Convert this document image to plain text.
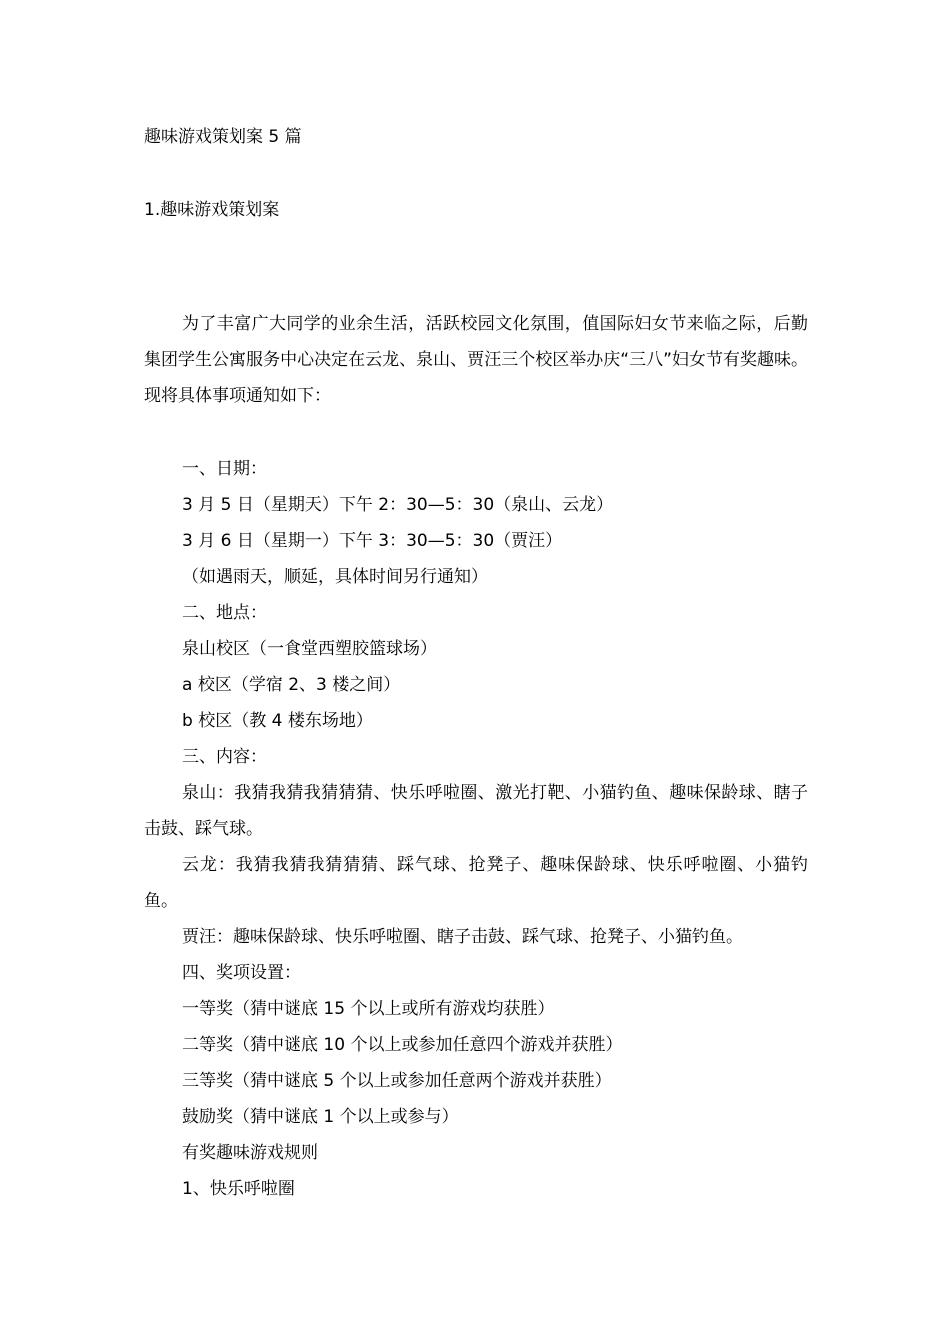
趣味游戏策划案 5 篇
1.趣味游戏策划案

为了丰富广大同学的业余生活，活跃校园文化氛围，值国际妇女节来临之际，后勤集团学生公寓服务中心决定在云龙、泉山、贾汪三个校区举办庆“三八”妇女节有奖趣味。现将具体事项通知如下：

一、日期：

3 月 5 日（星期天）下午 2：30—5：30（泉山、云龙）

3 月 6 日（星期一）下午 3：30—5：30（贾汪）

（如遇雨天，顺延，具体时间另行通知）

二、地点：

泉山校区（一食堂西塑胶篮球场）

a 校区（学宿 2、3 楼之间）

b 校区（教 4 楼东场地）

三、内容：

泉山：我猜我猜我猜猜猜、快乐呼啦圈、激光打靶、小猫钓鱼、趣味保龄球、瞎子击鼓、踩气球。

云龙：我猜我猜我猜猜猜、踩气球、抢凳子、趣味保龄球、快乐呼啦圈、小猫钓鱼。

贾汪：趣味保龄球、快乐呼啦圈、瞎子击鼓、踩气球、抢凳子、小猫钓鱼。

四、奖项设置：

一等奖（猜中谜底 15 个以上或所有游戏均获胜）

二等奖（猜中谜底 10 个以上或参加任意四个游戏并获胜）

三等奖（猜中谜底 5 个以上或参加任意两个游戏并获胜）

鼓励奖（猜中谜底 1 个以上或参与）

有奖趣味游戏规则

1、快乐呼啦圈
